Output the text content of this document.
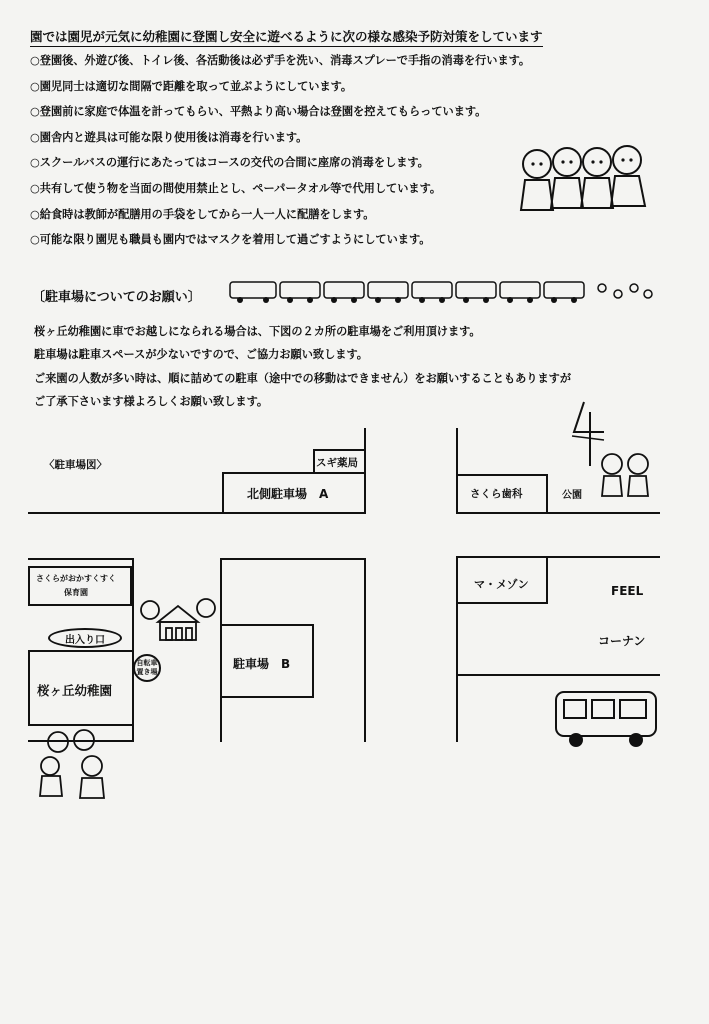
園では園児が元気に幼稚園に登園し安全に遊べるように次の様な感染予防対策をしています
○登園後、外遊び後、トイレ後、各活動後は必ず手を洗い、消毒スプレーで手指の消毒を行います。
○園児同士は適切な間隔で距離を取って並ぶようにしています。
○登園前に家庭で体温を計ってもらい、平熱より高い場合は登園を控えてもらっています。
○園舎内と遊具は可能な限り使用後は消毒を行います。
○スクールバスの運行にあたってはコースの交代の合間に座席の消毒をします。
○共有して使う物を当面の間使用禁止とし、ペーパータオル等で代用しています。
○給食時は教師が配膳用の手袋をしてから一人一人に配膳をします。
○可能な限り園児も職員も園内ではマスクを着用して過ごすようにしています。
〔駐車場についてのお願い〕
桜ヶ丘幼稚園に車でお越しになられる場合は、下図の２カ所の駐車場をご利用頂けます。
駐車場は駐車スペースが少ないですので、ご協力お願い致します。
ご来園の人数が多い時は、順に詰めての駐車（途中での移動はできません）をお願いすることもありますが
ご了承下さいます様よろしくお願い致します。
〈駐車場図〉	スギ薬局
北側駐車場　A	さくら歯科	公園
さくらがおかすくすく
保育園
出入り口
桜ヶ丘幼稚園
自転車
置き場
駐車場　B
マ・メゾン	FEEL
コーナン
